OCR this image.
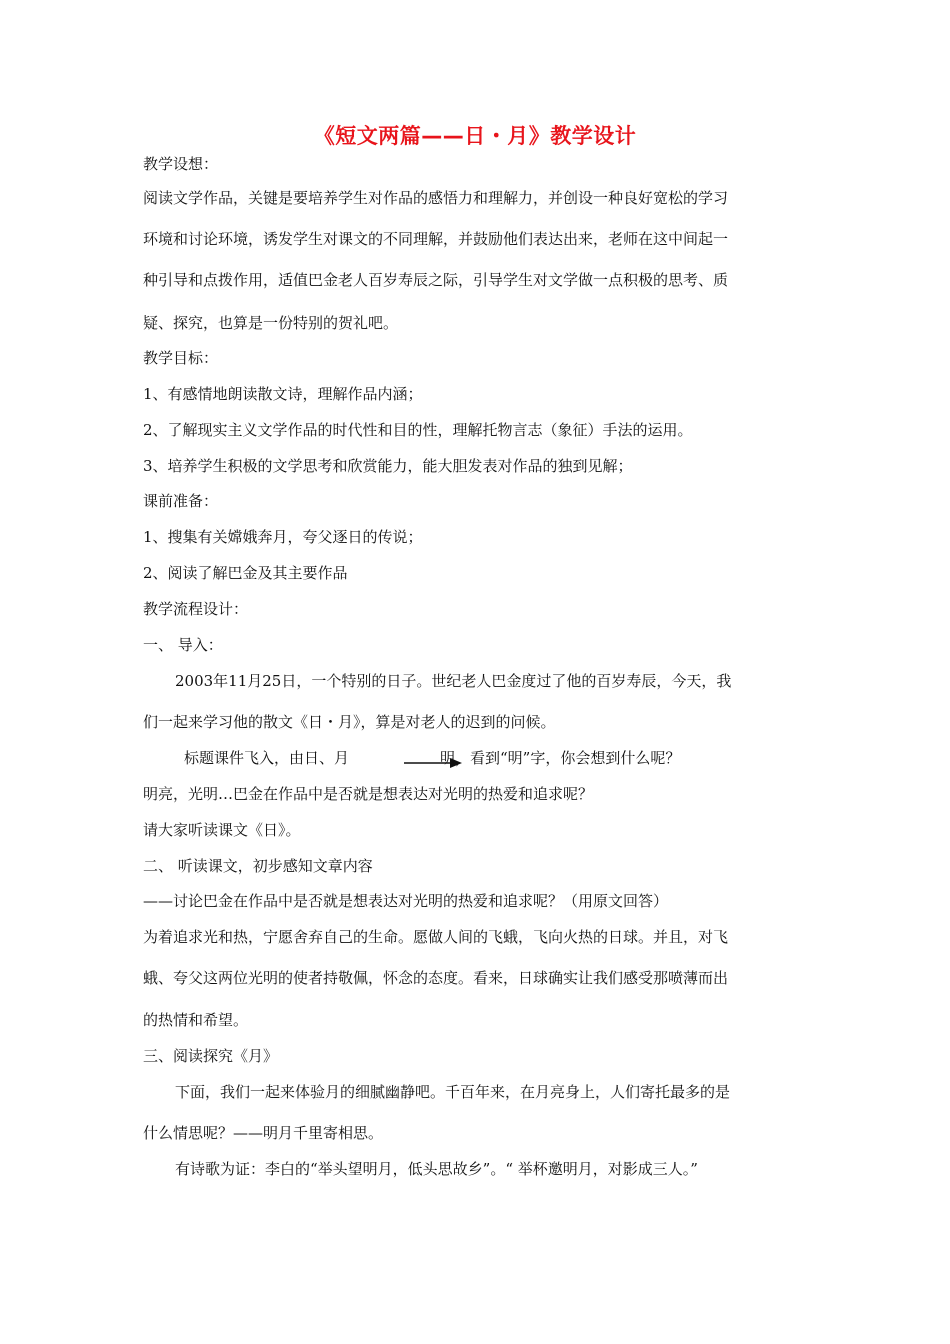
《短文两篇——日・月》教学设计
教学设想：
阅读文学作品，关键是要培养学生对作品的感悟力和理解力，并创设一种良好宽松的学习
环境和讨论环境，诱发学生对课文的不同理解，并鼓励他们表达出来，老师在这中间起一
种引导和点拨作用，适值巴金老人百岁寿辰之际，引导学生对文学做一点积极的思考、质
疑、探究，也算是一份特别的贺礼吧。
教学目标：
1、有感情地朗读散文诗，理解作品内涵；
2、了解现实主义文学作品的时代性和目的性，理解托物言志（象征）手法的运用。
3、培养学生积极的文学思考和欣赏能力，能大胆发表对作品的独到见解；
课前准备：
1、搜集有关嫦娥奔月，夸父逐日的传说；
2、阅读了解巴金及其主要作品
教学流程设计：
一、 导入：
2003年11月25日，一个特别的日子。世纪老人巴金度过了他的百岁寿辰，今天，我
们一起来学习他的散文《日・月》，算是对老人的迟到的问候。
标题课件飞入，由日、月	明，看到“明”字，你会想到什么呢？
明亮，光明…巴金在作品中是否就是想表达对光明的热爱和追求呢？
请大家听读课文《日》。
二、 听读课文，初步感知文章内容
——讨论巴金在作品中是否就是想表达对光明的热爱和追求呢？（用原文回答）
为着追求光和热，宁愿舍弃自己的生命。愿做人间的飞蛾，飞向火热的日球。并且，对飞
蛾、夸父这两位光明的使者持敬佩，怀念的态度。看来，日球确实让我们感受那喷薄而出
的热情和希望。
三、阅读探究《月》
下面，我们一起来体验月的细腻幽静吧。千百年来，在月亮身上，人们寄托最多的是
什么情思呢？——明月千里寄相思。
有诗歌为证：李白的“举头望明月，低头思故乡”。“ 举杯邀明月，对影成三人。”
